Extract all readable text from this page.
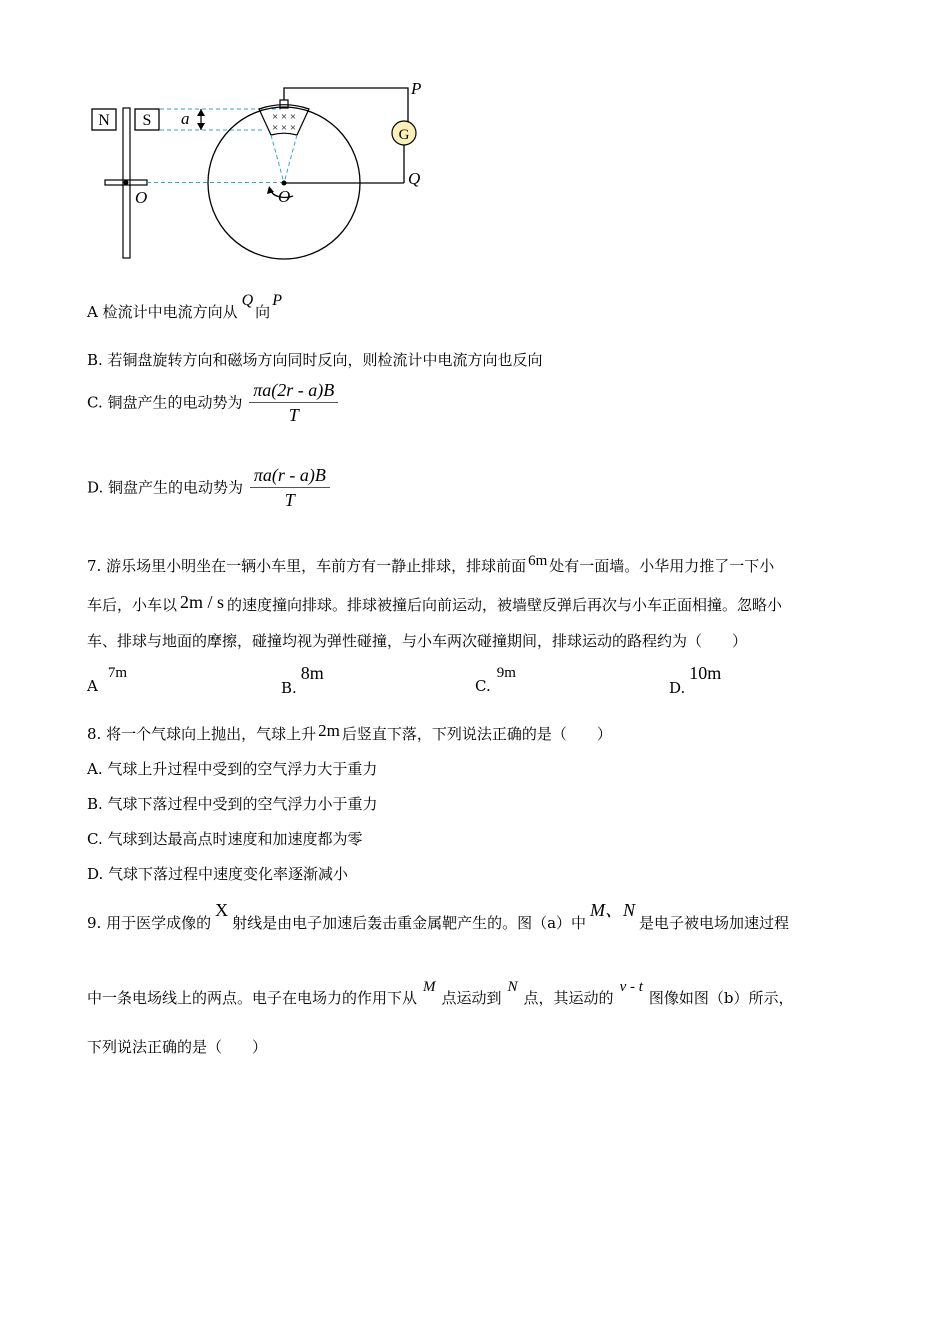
N S
O
a	× × ×
× × ×
P
G
Q
O
A 检流计中电流方向从Q向P
B. 若铜盘旋转方向和磁场方向同时反向，则检流计中电流方向也反向
C. 铜盘产生的电动势为 $\frac{\pi a(2r - a)B}{T}$
D. 铜盘产生的电动势为 $\frac{\pi a(r - a)B}{T}$
7. 游乐场里小明坐在一辆小车里，车前方有一静止排球，排球前面 6m 处有一面墙。小华用力推了一下小
车后，小车以 2m / s 的速度撞向排球。排球被撞后向前运动，被墙壁反弹后再次与小车正面相撞。忽略小
车、排球与地面的摩擦，碰撞均视为弹性碰撞，与小车两次碰撞期间，排球运动的路程约为（　　）
A7m
B.8m
C.9m
D.10m
8. 将一个气球向上抛出，气球上升 2m 后竖直下落，下列说法正确的是（　　）
A. 气球上升过程中受到的空气浮力大于重力
B. 气球下落过程中受到的空气浮力小于重力
C. 气球到达最高点时速度和加速度都为零
D. 气球下落过程中速度变化率逐渐减小
9. 用于医学成像的X射线是由电子加速后轰击重金属靶产生的。图（a）中M、N是电子被电场加速过程
中一条电场线上的两点。电子在电场力的作用下从M点运动到N点，其运动的v - t图像如图（b）所示，
下列说法正确的是（　　）
